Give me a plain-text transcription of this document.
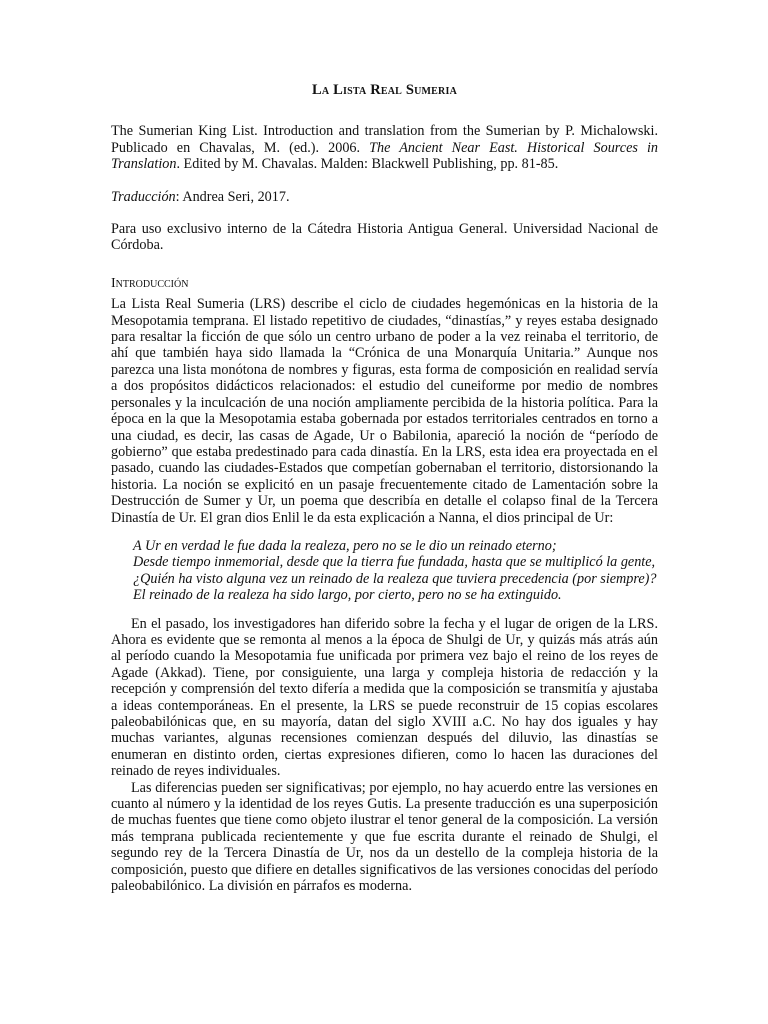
La Lista Real Sumeria

The Sumerian King List. Introduction and translation from the Sumerian by P. Michalowski. Publicado en Chavalas, M. (ed.). 2006. The Ancient Near East. Historical Sources in Translation. Edited by M. Chavalas. Malden: Blackwell Publishing, pp. 81-85.

Traducción: Andrea Seri, 2017.

Para uso exclusivo interno de la Cátedra Historia Antigua General. Universidad Nacional de Córdoba.

Introducción

La Lista Real Sumeria (LRS) describe el ciclo de ciudades hegemónicas en la historia de la Mesopotamia temprana. El listado repetitivo de ciudades, “dinastías,” y reyes estaba designado para resaltar la ficción de que sólo un centro urbano de poder a la vez reinaba el territorio, de ahí que también haya sido llamada la “Crónica de una Monarquía Unitaria.” Aunque nos parezca una lista monótona de nombres y figuras, esta forma de composición en realidad servía a dos propósitos didácticos relacionados: el estudio del cuneiforme por medio de nombres personales y la inculcación de una noción ampliamente percibida de la historia política. Para la época en la que la Mesopotamia estaba gobernada por estados territoriales centrados en torno a una ciudad, es decir, las casas de Agade, Ur o Babilonia, apareció la noción de “período de gobierno” que estaba predestinado para cada dinastía. En la LRS, esta idea era proyectada en el pasado, cuando las ciudades-Estados que competían gobernaban el territorio, distorsionando la historia. La noción se explicitó en un pasaje frecuentemente citado de Lamentación sobre la Destrucción de Sumer y Ur, un poema que describía en detalle el colapso final de la Tercera Dinastía de Ur. El gran dios Enlil le da esta explicación a Nanna, el dios principal de Ur:

A Ur en verdad le fue dada la realeza, pero no se le dio un reinado eterno;
Desde tiempo inmemorial, desde que la tierra fue fundada, hasta que se multiplicó la gente,
¿Quién ha visto alguna vez un reinado de la realeza que tuviera precedencia (por siempre)?
El reinado de la realeza ha sido largo, por cierto, pero no se ha extinguido.

En el pasado, los investigadores han diferido sobre la fecha y el lugar de origen de la LRS. Ahora es evidente que se remonta al menos a la época de Shulgi de Ur, y quizás más atrás aún al período cuando la Mesopotamia fue unificada por primera vez bajo el reino de los reyes de Agade (Akkad). Tiene, por consiguiente, una larga y compleja historia de redacción y la recepción y comprensión del texto difería a medida que la composición se transmitía y ajustaba a ideas contemporáneas. En el presente, la LRS se puede reconstruir de 15 copias escolares paleobabilónicas que, en su mayoría, datan del siglo XVIII a.C. No hay dos iguales y hay muchas variantes, algunas recensiones comienzan después del diluvio, las dinastías se enumeran en distinto orden, ciertas expresiones difieren, como lo hacen las duraciones del reinado de reyes individuales.

Las diferencias pueden ser significativas; por ejemplo, no hay acuerdo entre las versiones en cuanto al número y la identidad de los reyes Gutis. La presente traducción es una superposición de muchas fuentes que tiene como objeto ilustrar el tenor general de la composición. La versión más temprana publicada recientemente y que fue escrita durante el reinado de Shulgi, el segundo rey de la Tercera Dinastía de Ur, nos da un destello de la compleja historia de la composición, puesto que difiere en detalles significativos de las versiones conocidas del período paleobabilónico. La división en párrafos es moderna.
